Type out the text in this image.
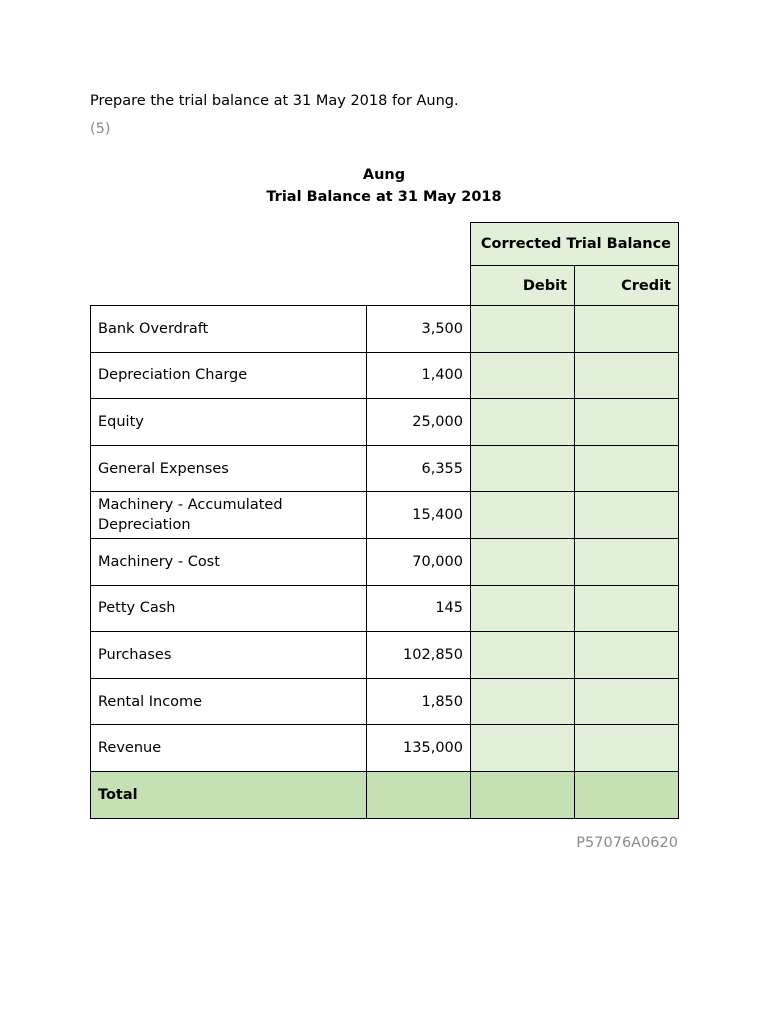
Prepare the trial balance at 31 May 2018 for Aung.
(5)
Aung
Trial Balance at 31 May 2018
		Corrected Trial Balance	
		Debit	Credit
Bank Overdraft	3,500		
Depreciation Charge	1,400		
Equity	25,000		
General Expenses	6,355		
Machinery - Accumulated Depreciation	15,400		
Machinery - Cost	70,000		
Petty Cash	145		
Purchases	102,850		
Rental Income	1,850		
Revenue	135,000		
Total			
P57076A0620
